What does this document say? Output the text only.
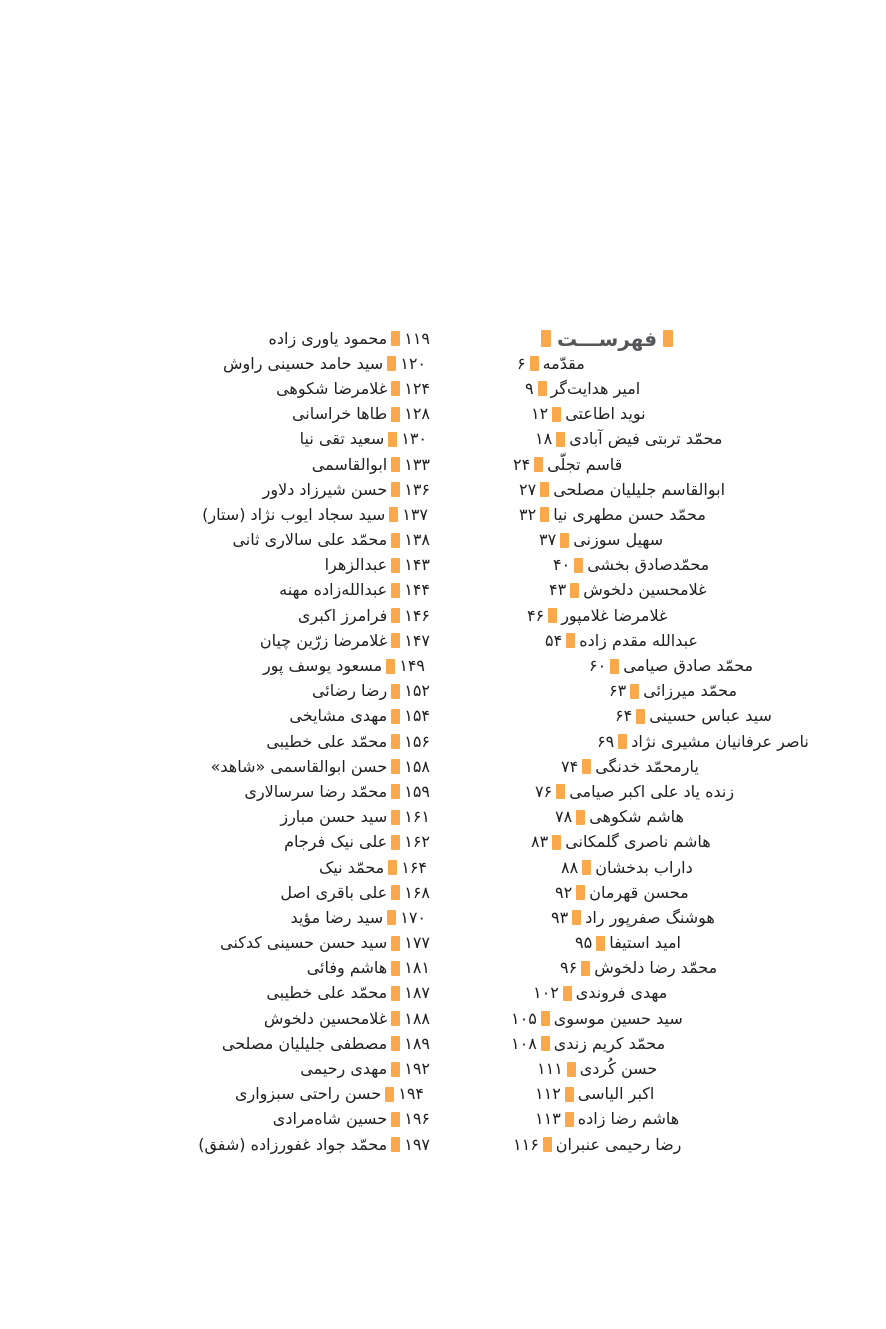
فهرســـت
۶ مقدّمه
۹ امیر هدایت‌گر
۱۲ نوید اطاعتی
۱۸ محمّد تربتی فیض آبادی
۲۴ قاسم تجلّی
۲۷ ابوالقاسم جلیلیان مصلحی
۳۲ محمّد حسن مطهری نیا
۳۷ سهیل سوزنی
۴۰ محمّدصادق بخشی
۴۳ غلامحسین دلخوش
۴۶ غلامرضا غلامپور
۵۴ عبدالله مقدم زاده
۶۰ محمّد صادق صیامی
۶۳ محمّد میرزائی
۶۴ سید عباس حسینی
۶۹ ناصر عرفانیان مشیری نژاد
۷۴ یارمحمّد خدنگی
۷۶ زنده یاد علی اکبر صیامی
۷۸ هاشم شکوهی
۸۳ هاشم ناصری گلمکانی
۸۸ داراب بدخشان
۹۲ محسن قهرمان
۹۳ هوشنگ صفرپور راد
۹۵ امید استیفا
۹۶ محمّد رضا دلخوش
۱۰۲ مهدی فروندی
۱۰۵ سید حسین موسوی
۱۰۸ محمّد کریم زندی
۱۱۱ حسن کُردی
۱۱۲ اکبر الیاسی
۱۱۳ هاشم رضا زاده
۱۱۶ رضا رحیمی عنبران
محمود یاوری زاده ۱۱۹
سید حامد حسینی راوش ۱۲۰
غلامرضا شکوهی ۱۲۴
طاها خراسانی ۱۲۸
سعید تقی نیا ۱۳۰
ابوالقاسمی ۱۳۳
حسن شیرزاد دلاور ۱۳۶
سید سجاد ایوب نژاد (ستار) ۱۳۷
محمّد علی سالاری ثانی ۱۳۸
عبدالزهرا ۱۴۳
عبدالله‌زاده مهنه ۱۴۴
فرامرز اکبری ۱۴۶
غلامرضا زرّین چیان ۱۴۷
مسعود یوسف پور ۱۴۹
رضا رضائی ۱۵۲
مهدی مشایخی ۱۵۴
محمّد علی خطیبی ۱۵۶
حسن ابوالقاسمی «شاهد» ۱۵۸
محمّد رضا سرسالاری ۱۵۹
سید حسن مبارز ۱۶۱
علی نیک فرجام ۱۶۲
محمّد نیک ۱۶۴
علی باقری اصل ۱۶۸
سید رضا مؤید ۱۷۰
سید حسن حسینی کدکنی ۱۷۷
هاشم وفائی ۱۸۱
محمّد علی خطیبی ۱۸۷
غلامحسین دلخوش ۱۸۸
مصطفی جلیلیان مصلحی ۱۸۹
مهدی رحیمی ۱۹۲
حسن راحتی سبزواری ۱۹۴
حسین شاه‌مرادی ۱۹۶
محمّد جواد غفورزاده (شفق) ۱۹۷
